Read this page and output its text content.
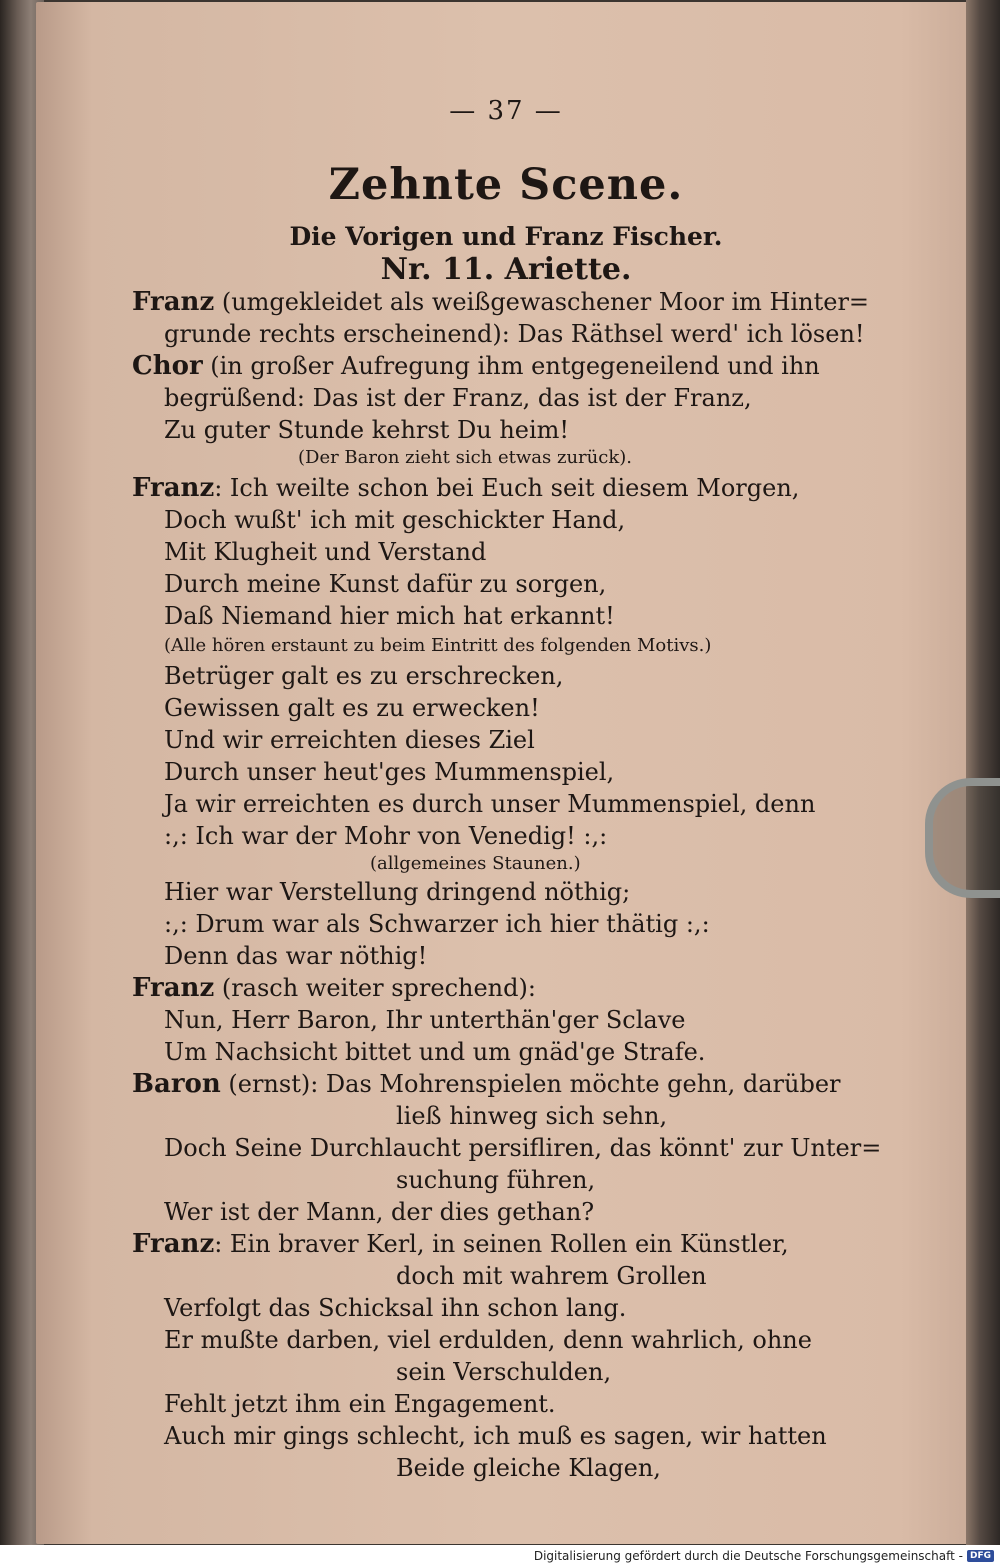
— 37 —
Zehnte Scene.
Die Vorigen und Franz Fischer.
Nr. 11. Ariette.
Franz (umgekleidet als weißgewaschener Moor im Hinter=
grunde rechts erscheinend): Das Räthsel werd' ich lösen!
Chor (in großer Aufregung ihm entgegeneilend und ihn
begrüßend: Das ist der Franz, das ist der Franz,
Zu guter Stunde kehrst Du heim!
(Der Baron zieht sich etwas zurück).
Franz: Ich weilte schon bei Euch seit diesem Morgen,
Doch wußt' ich mit geschickter Hand,
Mit Klugheit und Verstand
Durch meine Kunst dafür zu sorgen,
Daß Niemand hier mich hat erkannt!
(Alle hören erstaunt zu beim Eintritt des folgenden Motivs.)
Betrüger galt es zu erschrecken,
Gewissen galt es zu erwecken!
Und wir erreichten dieses Ziel
Durch unser heut'ges Mummenspiel,
Ja wir erreichten es durch unser Mummenspiel, denn
:,: Ich war der Mohr von Venedig! :,:
(allgemeines Staunen.)
Hier war Verstellung dringend nöthig;
:,: Drum war als Schwarzer ich hier thätig :,:
Denn das war nöthig!
Franz (rasch weiter sprechend):
Nun, Herr Baron, Ihr unterthän'ger Sclave
Um Nachsicht bittet und um gnäd'ge Strafe.
Baron (ernst): Das Mohrenspielen möchte gehn, darüber
ließ hinweg sich sehn,
Doch Seine Durchlaucht persifliren, das könnt' zur Unter=
suchung führen,
Wer ist der Mann, der dies gethan?
Franz: Ein braver Kerl, in seinen Rollen ein Künstler,
doch mit wahrem Grollen
Verfolgt das Schicksal ihn schon lang.
Er mußte darben, viel erdulden, denn wahrlich, ohne
sein Verschulden,
Fehlt jetzt ihm ein Engagement.
Auch mir gings schlecht, ich muß es sagen, wir hatten
Beide gleiche Klagen,
Digitalisierung gefördert durch die Deutsche Forschungsgemeinschaft - DFG
